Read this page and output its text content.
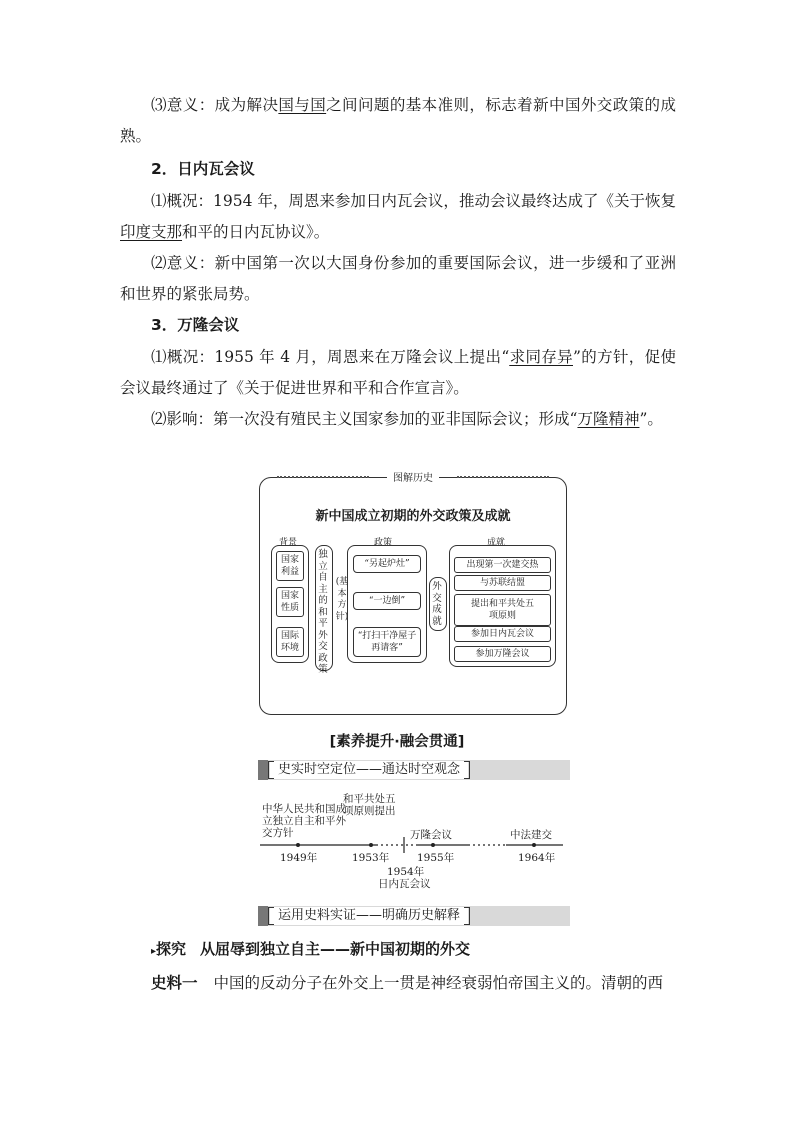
⑶意义：成为解决国与国之间问题的基本准则，标志着新中国外交政策的成熟。
2．日内瓦会议
⑴概况：1954 年，周恩来参加日内瓦会议，推动会议最终达成了《关于恢复印度支那和平的日内瓦协议》。
⑵意义：新中国第一次以大国身份参加的重要国际会议，进一步缓和了亚洲和世界的紧张局势。
3．万隆会议
⑴概况：1955 年 4 月，周恩来在万隆会议上提出“求同存异”的方针，促使会议最终通过了《关于促进世界和平和合作宣言》。
⑵影响：第一次没有殖民主义国家参加的亚非国际会议；形成“万隆精神”。
图解历史
新中国成立初期的外交政策及成就
背景	政策	成就
国家利益
国家性质
国际环境
独立自主的和平外交政策
(基本方针)
“另起炉灶”
“一边倒”
“打扫干净屋子再请客”
外交成就
出现第一次建交热
与苏联结盟
提出和平共处五项原则
参加日内瓦会议
参加万隆会议
[素养提升·融会贯通]
史实时空定位——通达时空观念
中华人民共和国成立独立自主和平外交方针
1949年
和平共处五项原则提出
1953年
1954年
日内瓦会议
万隆会议
1955年
中法建交
1964年
运用史料实证——明确历史解释
▸探究 从屈辱到独立自主——新中国初期的外交
史料一 中国的反动分子在外交上一贯是神经衰弱怕帝国主义的。清朝的西
